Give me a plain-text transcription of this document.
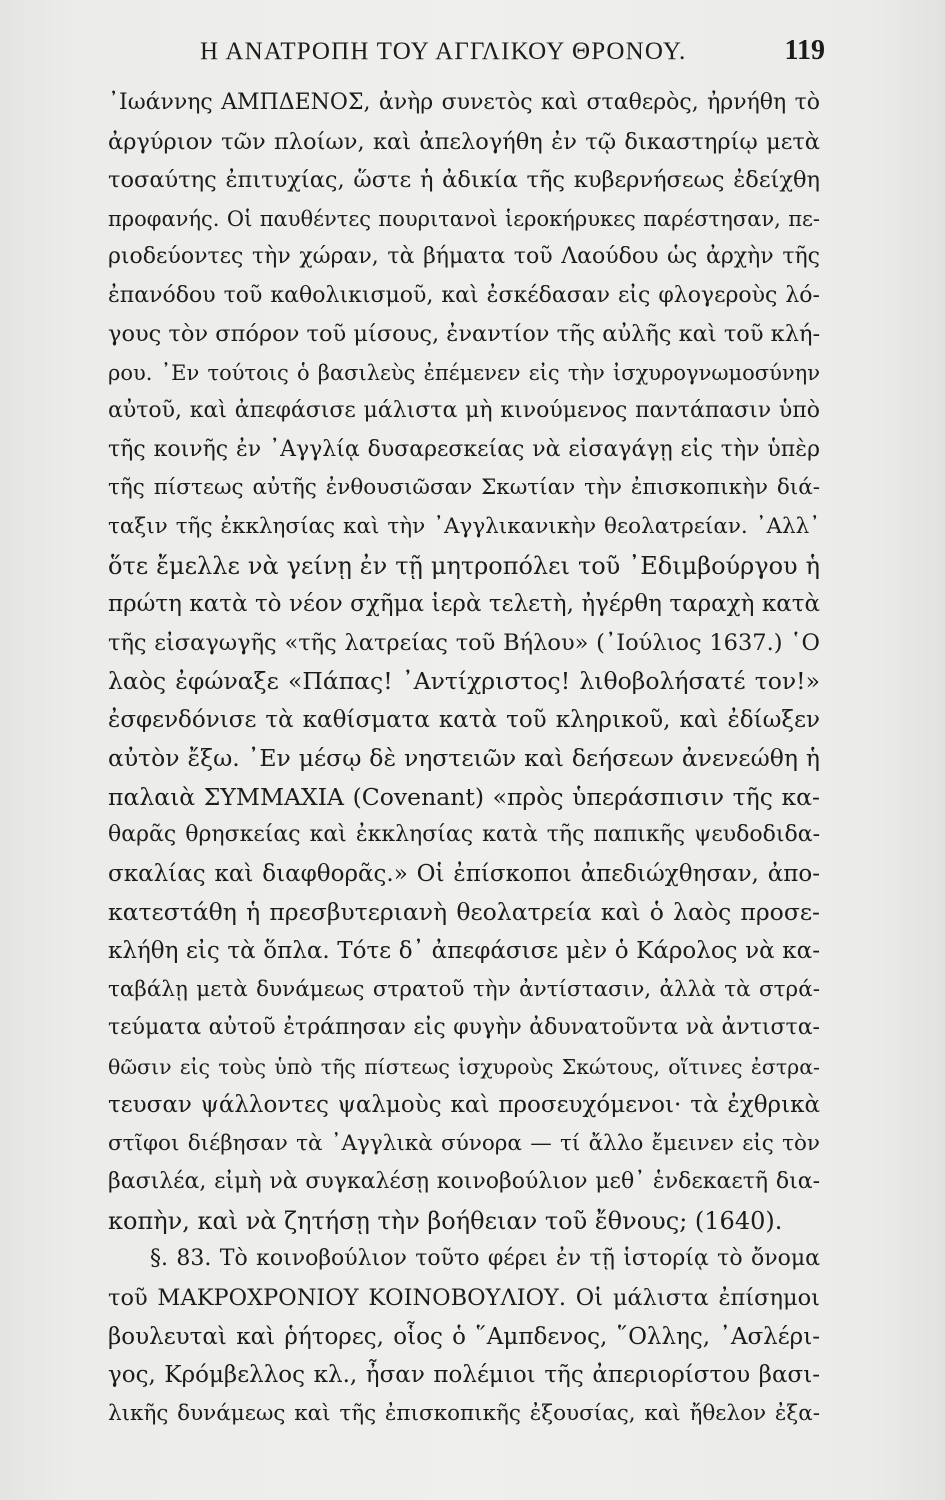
Η ΑΝΑΤΡΟΠΗ ΤΟΥ ΑΓΓΛΙΚΟΥ ΘΡΟΝΟΥ.	119
᾿Ιωάννης ΑΜΠΔΕΝΟΣ, ἀνὴρ συνετὸς καὶ σταθερὸς, ἠρνήθη τὸ
ἀργύριον τῶν πλοίων, καὶ ἀπελογήθη ἐν τῷ δικαστηρίῳ μετὰ
τοσαύτης ἐπιτυχίας, ὥστε ἡ ἀδικία τῆς κυβερνήσεως ἐδείχθη
προφανής. Οἱ παυθέντες πουριτανοὶ ἱεροκήρυκες παρέστησαν, πε-
ριοδεύοντες τὴν χώραν, τὰ βήματα τοῦ Λαούδου ὡς ἀρχὴν τῆς
ἐπανόδου τοῦ καθολικισμοῦ, καὶ ἐσκέδασαν εἰς φλογεροὺς λό-
γους τὸν σπόρον τοῦ μίσους, ἐναντίον τῆς αὐλῆς καὶ τοῦ κλή-
ρου. ᾿Εν τούτοις ὁ βασιλεὺς ἐπέμενεν εἰς τὴν ἰσχυρογνωμοσύνην
αὐτοῦ, καὶ ἀπεφάσισε μάλιστα μὴ κινούμενος παντάπασιν ὑπὸ
τῆς κοινῆς ἐν ᾿Αγγλίᾳ δυσαρεσκείας νὰ εἰσαγάγῃ εἰς τὴν ὑπὲρ
τῆς πίστεως αὐτῆς ἐνθουσιῶσαν Σκωτίαν τὴν ἐπισκοπικὴν διά-
ταξιν τῆς ἐκκλησίας καὶ τὴν ᾿Αγγλικανικὴν θεολατρείαν. ᾿Αλλ᾿
ὅτε ἔμελλε νὰ γείνῃ ἐν τῇ μητροπόλει τοῦ ᾿Εδιμβούργου ἡ
πρώτη κατὰ τὸ νέον σχῆμα ἱερὰ τελετὴ, ἠγέρθη ταραχὴ κατὰ
τῆς εἰσαγωγῆς «τῆς λατρείας τοῦ Βήλου» (᾿Ιούλιος 1637.) ῾Ο
λαὸς ἐφώναξε «Πάπας! ᾿Αντίχριστος! λιθοβολήσατέ τον!»
ἐσφενδόνισε τὰ καθίσματα κατὰ τοῦ κληρικοῦ, καὶ ἐδίωξεν
αὐτὸν ἔξω. ᾿Εν μέσῳ δὲ νηστειῶν καὶ δεήσεων ἀνενεώθη ἡ
παλαιὰ ΣΥΜΜΑΧΙΑ (Covenant) «πρὸς ὑπεράσπισιν τῆς κα-
θαρᾶς θρησκείας καὶ ἐκκλησίας κατὰ τῆς παπικῆς ψευδοδιδα-
σκαλίας καὶ διαφθορᾶς.» Οἱ ἐπίσκοποι ἀπεδιώχθησαν, ἀπο-
κατεστάθη ἡ πρεσβυτεριανὴ θεολατρεία καὶ ὁ λαὸς προσε-
κλήθη εἰς τὰ ὅπλα. Τότε δ᾿ ἀπεφάσισε μὲν ὁ Κάρολος νὰ κα-
ταβάλῃ μετὰ δυνάμεως στρατοῦ τὴν ἀντίστασιν, ἀλλὰ τὰ στρά-
τεύματα αὐτοῦ ἐτράπησαν εἰς φυγὴν ἀδυνατοῦντα νὰ ἀντιστα-
θῶσιν εἰς τοὺς ὑπὸ τῆς πίστεως ἰσχυροὺς Σκώτους, οἵτινες ἐστρα-
τευσαν ψάλλοντες ψαλμοὺς καὶ προσευχόμενοι· τὰ ἐχθρικὰ
στῖφοι διέβησαν τὰ ᾿Αγγλικὰ σύνορα — τί ἄλλο ἔμεινεν εἰς τὸν
βασιλέα, εἰμὴ νὰ συγκαλέσῃ κοινοβούλιον μεθ᾿ ἑνδεκαετῆ δια-
κοπὴν, καὶ νὰ ζητήσῃ τὴν βοήθειαν τοῦ ἔθνους; (1640).
§. 83. Τὸ κοινοβούλιον τοῦτο φέρει ἐν τῇ ἱστορίᾳ τὸ ὄνομα
τοῦ ΜΑΚΡΟΧΡΟΝΙΟΥ ΚΟΙΝΟΒΟΥΛΙΟΥ. Οἱ μάλιστα ἐπίσημοι
βουλευταὶ καὶ ῥήτορες, οἷος ὁ ῞Αμπδενος, ῞Ολλης, ᾿Ασλέρι-
γος, Κρόμβελλος κλ., ἦσαν πολέμιοι τῆς ἀπεριορίστου βασι-
λικῆς δυνάμεως καὶ τῆς ἐπισκοπικῆς ἐξουσίας, καὶ ἤθελον ἐξα-
